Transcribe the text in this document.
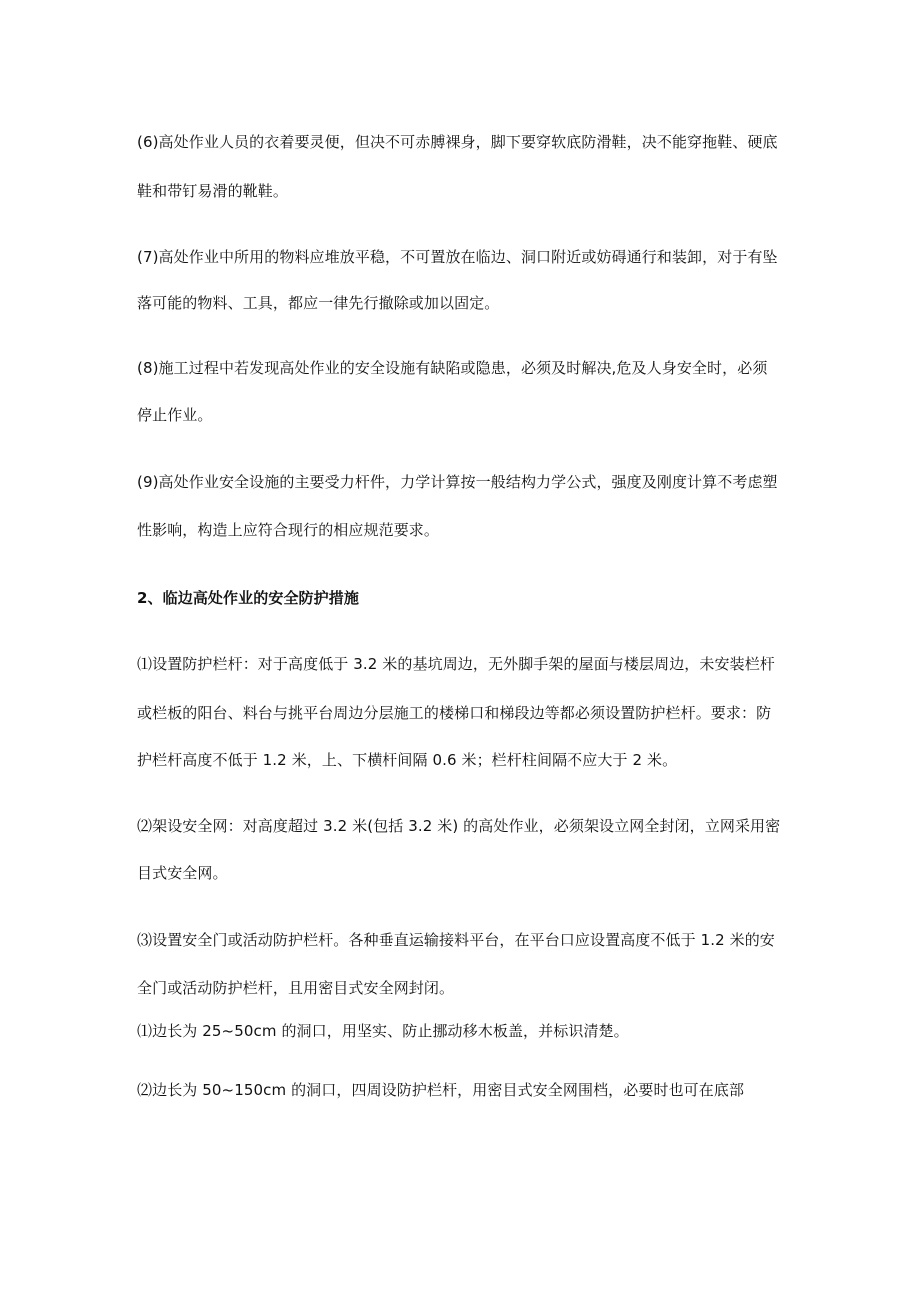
(6)高处作业人员的衣着要灵便，但决不可赤膊裸身，脚下要穿软底防滑鞋，决不能穿拖鞋、硬底
鞋和带钉易滑的靴鞋。
(7)高处作业中所用的物料应堆放平稳，不可置放在临边、洞口附近或妨碍通行和装卸，对于有坠
落可能的物料、工具，都应一律先行撤除或加以固定。
(8)施工过程中若发现高处作业的安全设施有缺陷或隐患，必须及时解决,危及人身安全时，必须
停止作业。
(9)高处作业安全设施的主要受力杆件，力学计算按一般结构力学公式，强度及刚度计算不考虑塑
性影响，构造上应符合现行的相应规范要求。
2、临边高处作业的安全防护措施
⑴设置防护栏杆：对于高度低于 3.2 米的基坑周边，无外脚手架的屋面与楼层周边，未安装栏杆
或栏板的阳台、料台与挑平台周边分层施工的楼梯口和梯段边等都必须设置防护栏杆。要求：防
护栏杆高度不低于 1.2 米，上、下横杆间隔 0.6 米；栏杆柱间隔不应大于 2 米。
⑵架设安全网：对高度超过 3.2 米(包括 3.2 米) 的高处作业，必须架设立网全封闭，立网采用密
目式安全网。
⑶设置安全门或活动防护栏杆。各种垂直运输接料平台，在平台口应设置高度不低于 1.2 米的安
全门或活动防护栏杆，且用密目式安全网封闭。
⑴边长为 25~50cm 的洞口，用坚实、防止挪动移木板盖，并标识清楚。
⑵边长为 50~150cm 的洞口，四周设防护栏杆，用密目式安全网围档，必要时也可在底部
